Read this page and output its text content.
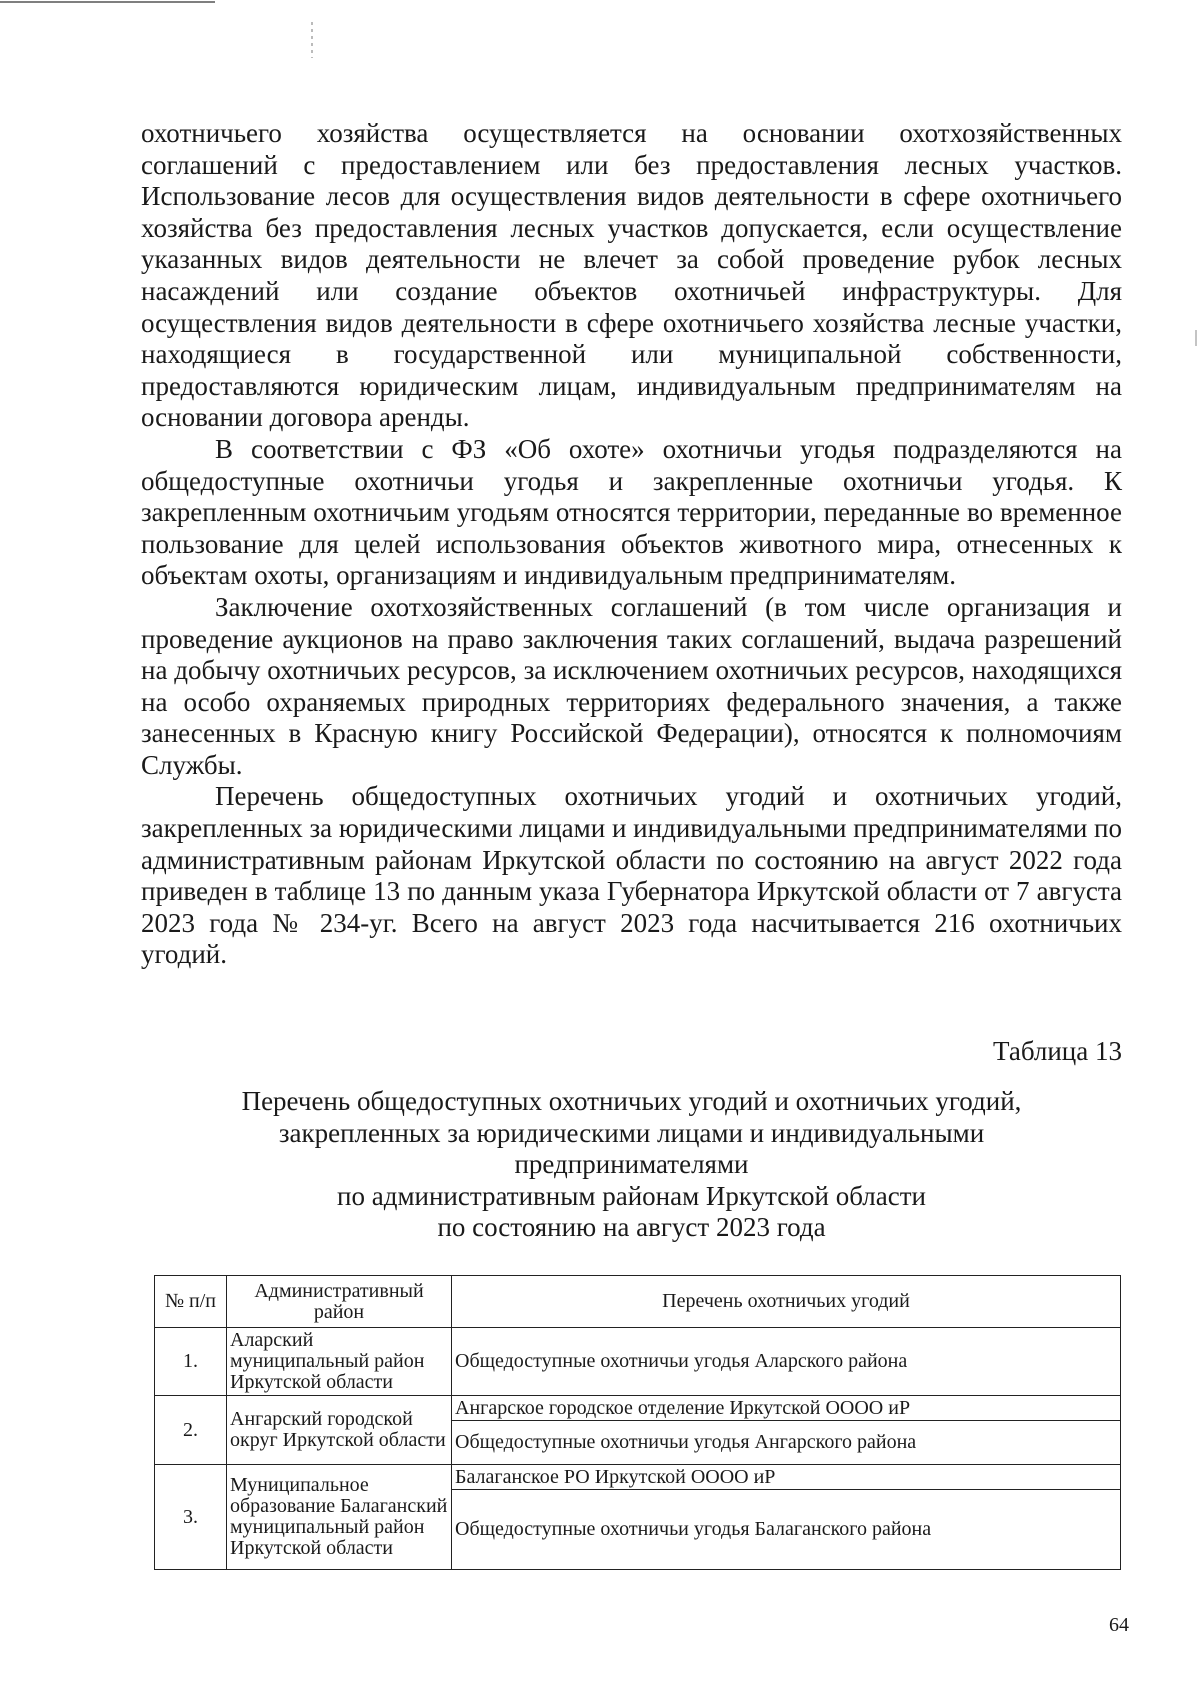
охотничьего хозяйства осуществляется на основании охотхозяйственных соглашений с предоставлением или без предоставления лесных участков. Использование лесов для осуществления видов деятельности в сфере охотничьего хозяйства без предоставления лесных участков допускается, если осуществление указанных видов деятельности не влечет за собой проведение рубок лесных насаждений или создание объектов охотничьей инфраструктуры. Для осуществления видов деятельности в сфере охотничьего хозяйства лесные участки, находящиеся в государственной или муниципальной собственности, предоставляются юридическим лицам, индивидуальным предпринимателям на основании договора аренды.

В соответствии с ФЗ «Об охоте» охотничьи угодья подразделяются на общедоступные охотничьи угодья и закрепленные охотничьи угодья. К закрепленным охотничьим угодьям относятся территории, переданные во временное пользование для целей использования объектов животного мира, отнесенных к объектам охоты, организациям и индивидуальным предпринимателям.

Заключение охотхозяйственных соглашений (в том числе организация и проведение аукционов на право заключения таких соглашений, выдача разрешений на добычу охотничьих ресурсов, за исключением охотничьих ресурсов, находящихся на особо охраняемых природных территориях федерального значения, а также занесенных в Красную книгу Российской Федерации), относятся к полномочиям Службы.

Перечень общедоступных охотничьих угодий и охотничьих угодий, закрепленных за юридическими лицами и индивидуальными предпринимателями по административным районам Иркутской области по состоянию на август 2022 года приведен в таблице 13 по данным указа Губернатора Иркутской области от 7 августа 2023 года № 234-уг. Всего на август 2023 года насчитывается 216 охотничьих угодий.

Таблица 13
Перечень общедоступных охотничьих угодий и охотничьих угодий,
закрепленных за юридическими лицами и индивидуальными
предпринимателями
по административным районам Иркутской области
по состоянию на август 2023 года
№ п/п	Административный район	Перечень охотничьих угодий
1.	Аларский муниципальный район Иркутской области	Общедоступные охотничьи угодья Аларского района
2.	Ангарский городской округ Иркутской области	Ангарское городское отделение Иркутской ОООО иР
		Общедоступные охотничьи угодья Ангарского района
3.	Муниципальное образование Балаганский муниципальный район Иркутской области	Балаганское РО Иркутской ОООО иР
		Общедоступные охотничьи угодья Балаганского района
64
